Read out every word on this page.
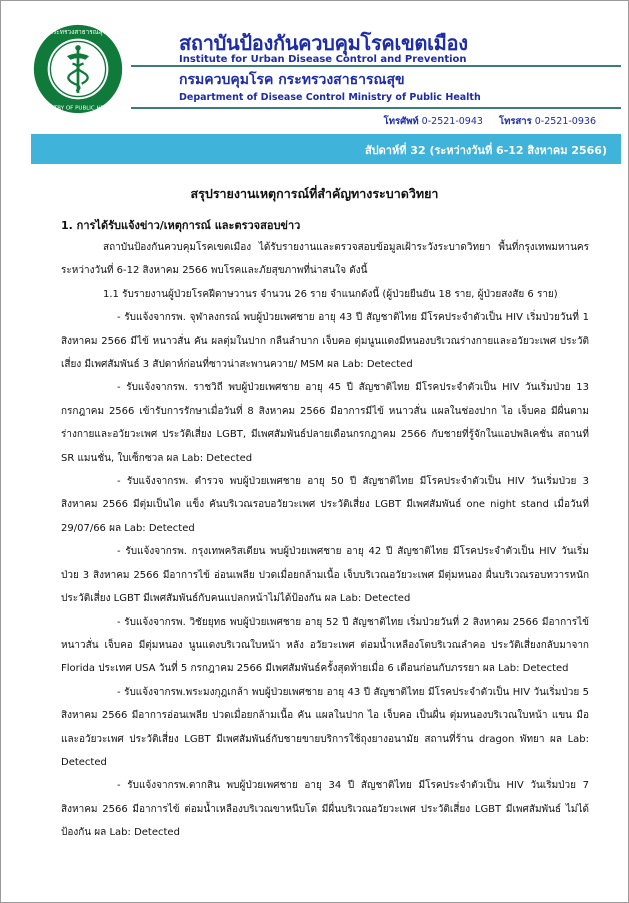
กระทรวงสาธารณสุข
MINISTRY OF PUBLIC HEALTH
สถาบันป้องกันควบคุมโรคเขตเมือง
Institute for Urban Disease Control and Prevention
กรมควบคุมโรค กระทรวงสาธารณสุข
Department of Disease Control Ministry of Public Health
โทรศัพท์ 0-2521-0943 โทรสาร 0-2521-0936
สัปดาห์ที่ 32 (ระหว่างวันที่ 6-12 สิงหาคม 2566)
สรุปรายงานเหตุการณ์ที่สำคัญทางระบาดวิทยา
1. การได้รับแจ้งข่าว/เหตุการณ์ และตรวจสอบข่าว

สถาบันป้องกันควบคุมโรคเขตเมือง ได้รับรายงานและตรวจสอบข้อมูลเฝ้าระวังระบาดวิทยา พื้นที่กรุงเทพมหานคร ระหว่างวันที่ 6-12 สิงหาคม 2566 พบโรคและภัยสุขภาพที่น่าสนใจ ดังนี้

1.1 รับรายงานผู้ป่วยโรคฝีดาษวานร จำนวน 26 ราย จำแนกดังนี้ (ผู้ป่วยยืนยัน 18 ราย, ผู้ป่วยสงสัย 6 ราย)

- รับแจ้งจากรพ. จุฬาลงกรณ์ พบผู้ป่วยเพศชาย อายุ 43 ปี สัญชาติไทย มีโรคประจำตัวเป็น HIV เริ่มป่วยวันที่ 1 สิงหาคม 2566 มีไข้ หนาวสั่น คัน ผลตุ่มในปาก กลืนลำบาก เจ็บคอ ตุ่มนูนแดงมีหนองบริเวณร่างกายและอวัยวะเพศ ประวัติเสี่ยง มีเพศสัมพันธ์ 3 สัปดาห์ก่อนที่ซาวน่าสะพานควาย/ MSM ผล Lab: Detected

- รับแจ้งจากรพ. ราชวิถี พบผู้ป่วยเพศชาย อายุ 45 ปี สัญชาติไทย มีโรคประจำตัวเป็น HIV วันเริ่มป่วย 13 กรกฎาคม 2566 เข้ารับการรักษาเมื่อวันที่ 8 สิงหาคม 2566 มีอาการมีไข้ หนาวสั่น แผลในช่องปาก ไอ เจ็บคอ มีผื่นตามร่างกายและอวัยวะเพศ ประวัติเสี่ยง LGBT, มีเพศสัมพันธ์ปลายเดือนกรกฎาคม 2566 กับชายที่รู้จักในแอปพลิเคชั่น สถานที่ SR แมนชั่น, ใบเซ็กซวล ผล Lab: Detected

- รับแจ้งจากรพ. ตำรวจ พบผู้ป่วยเพศชาย อายุ 50 ปี สัญชาติไทย มีโรคประจำตัวเป็น HIV วันเริ่มป่วย 3 สิงหาคม 2566 มีตุ่มเป็นไต แข็ง คันบริเวณรอบอวัยวะเพศ ประวัติเสี่ยง LGBT มีเพศสัมพันธ์ one night stand เมื่อวันที่ 29/07/66 ผล Lab: Detected

- รับแจ้งจากรพ. กรุงเทพคริสเตียน พบผู้ป่วยเพศชาย อายุ 42 ปี สัญชาติไทย มีโรคประจำตัวเป็น HIV วันเริ่มป่วย 3 สิงหาคม 2566 มีอาการไข้ อ่อนเพลีย ปวดเมื่อยกล้ามเนื้อ เจ็บบริเวณอวัยวะเพศ มีตุ่มหนอง ผื่นบริเวณรอบทวารหนัก ประวัติเสี่ยง LGBT มีเพศสัมพันธ์กับคนแปลกหน้าไม่ได้ป้องกัน ผล Lab: Detected

- รับแจ้งจากรพ. วิชัยยุทธ พบผู้ป่วยเพศชาย อายุ 52 ปี สัญชาติไทย เริ่มป่วยวันที่ 2 สิงหาคม 2566 มีอาการไข้ หนาวสั่น เจ็บคอ มีตุ่มหนอง นูนแดงบริเวณใบหน้า หลัง อวัยวะเพศ ต่อมน้ำเหลืองโตบริเวณลำคอ ประวัติเสี่ยงกลับมาจาก Florida ประเทศ USA วันที่ 5 กรกฎาคม 2566 มีเพศสัมพันธ์ครั้งสุดท้ายเมื่อ 6 เดือนก่อนกับภรรยา ผล Lab: Detected

- รับแจ้งจากรพ.พระมงกุฎเกล้า พบผู้ป่วยเพศชาย อายุ 43 ปี สัญชาติไทย มีโรคประจำตัวเป็น HIV วันเริ่มป่วย 5 สิงหาคม 2566 มีอาการอ่อนเพลีย ปวดเมื่อยกล้ามเนื้อ คัน แผลในปาก ไอ เจ็บคอ เป็นผื่น ตุ่มหนองบริเวณใบหน้า แขน มือ และอวัยวะเพศ ประวัติเสี่ยง LGBT มีเพศสัมพันธ์กับชายขายบริการใช้ถุงยางอนามัย สถานที่ร้าน dragon พัทยา ผล Lab: Detected

- รับแจ้งจากรพ.ตากสิน พบผู้ป่วยเพศชาย อายุ 34 ปี สัญชาติไทย มีโรคประจำตัวเป็น HIV วันเริ่มป่วย 7 สิงหาคม 2566 มีอาการไข้ ต่อมน้ำเหลืองบริเวณขาหนีบโต มีผื่นบริเวณอวัยวะเพศ ประวัติเสี่ยง LGBT มีเพศสัมพันธ์ ไม่ได้ป้องกัน ผล Lab: Detected
